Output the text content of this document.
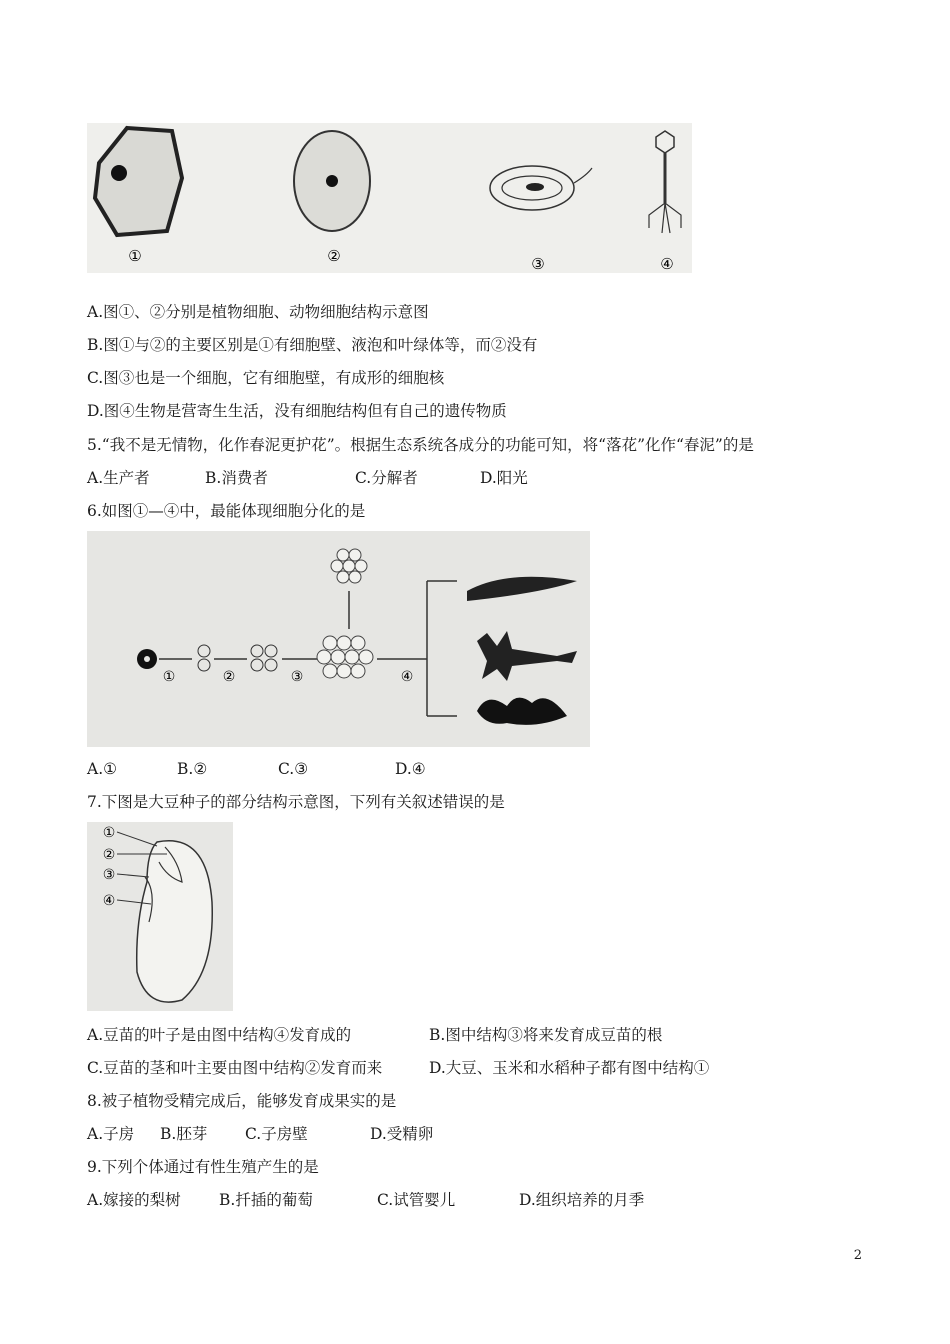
①	②	③	④
A.图①、②分别是植物细胞、动物细胞结构示意图
B.图①与②的主要区别是①有细胞壁、液泡和叶绿体等，而②没有
C.图③也是一个细胞，它有细胞壁，有成形的细胞核
D.图④生物是营寄生生活，没有细胞结构但有自己的遗传物质
5.“我不是无情物，化作春泥更护花”。根据生态系统各成分的功能可知，将“落花”化作“春泥”的是
A.生产者	B.消费者	C.分解者	D.阳光
6.如图①—④中，最能体现细胞分化的是
①	②	③	④
A.①	B.②	C.③	D.④
7.下图是大豆种子的部分结构示意图，下列有关叙述错误的是
①
②
③
④
A.豆苗的叶子是由图中结构④发育成的	B.图中结构③将来发育成豆苗的根
C.豆苗的茎和叶主要由图中结构②发育而来	D.大豆、玉米和水稻种子都有图中结构①
8.被子植物受精完成后，能够发育成果实的是
A.子房 B.胚芽 C.子房壁	D.受精卵
9.下列个体通过有性生殖产生的是
A.嫁接的梨树 B.扦插的葡萄	C.试管婴儿	D.组织培养的月季
2
